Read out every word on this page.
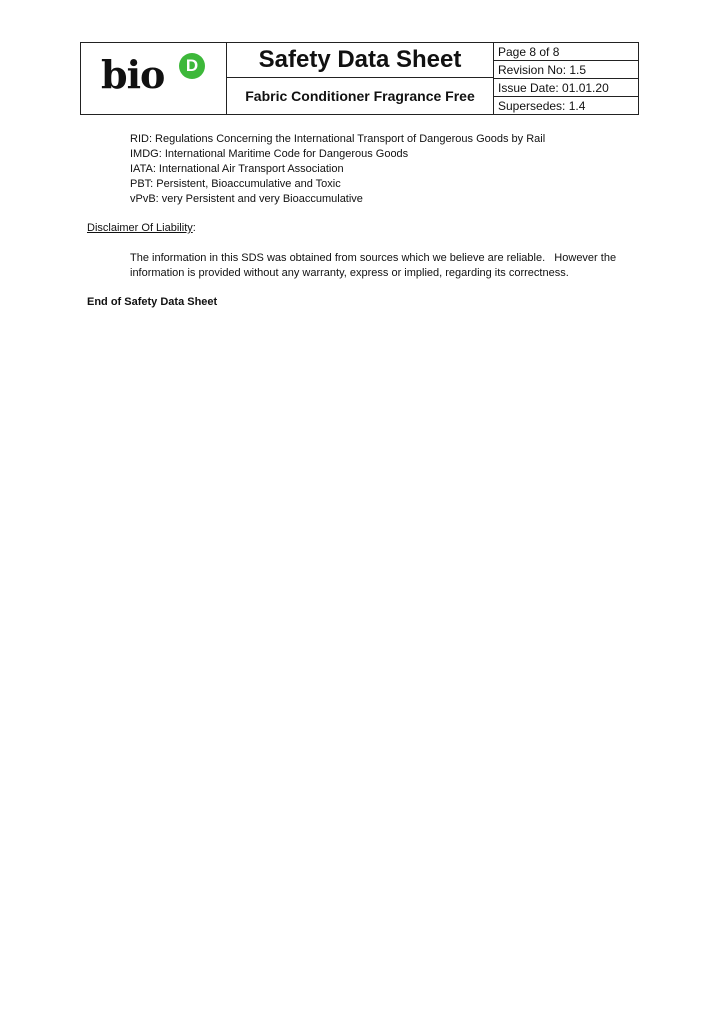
bio	D	Safety Data Sheet
Fabric Conditioner Fragrance Free
Page 8 of 8
Revision No: 1.5
Issue Date: 01.01.20
Supersedes: 1.4
RID: Regulations Concerning the International Transport of Dangerous Goods by Rail
IMDG: International Maritime Code for Dangerous Goods
IATA: International Air Transport Association
PBT: Persistent, Bioaccumulative and Toxic
vPvB: very Persistent and very Bioaccumulative
Disclaimer Of Liability:
The information in this SDS was obtained from sources which we believe are reliable.   However the information is provided without any warranty, express or implied, regarding its correctness.
End of Safety Data Sheet
